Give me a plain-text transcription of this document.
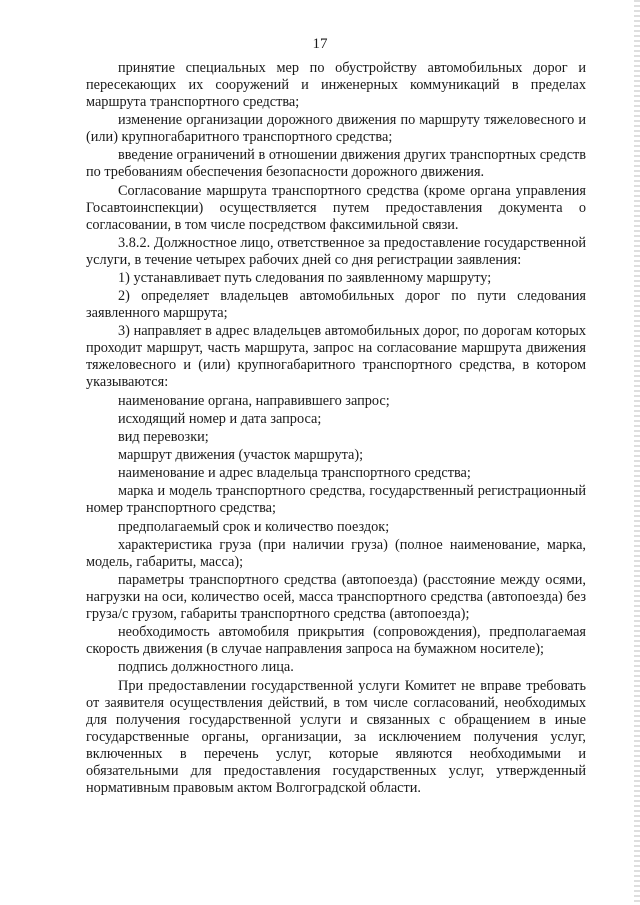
17

принятие специальных мер по обустройству автомобильных дорог и пересекающих их сооружений и инженерных коммуникаций в пределах маршрута транспортного средства;

изменение организации дорожного движения по маршруту тяжеловесного и (или) крупногабаритного транспортного средства;

введение ограничений в отношении движения других транспортных средств по требованиям обеспечения безопасности дорожного движения.

Согласование маршрута транспортного средства (кроме органа управления Госавтоинспекции) осуществляется путем предоставления документа о согласовании, в том числе посредством факсимильной связи.

3.8.2. Должностное лицо, ответственное за предоставление государственной услуги, в течение четырех рабочих дней со дня регистрации заявления:

1) устанавливает путь следования по заявленному маршруту;

2) определяет владельцев автомобильных дорог по пути следования заявленного маршрута;

3) направляет в адрес владельцев автомобильных дорог, по дорогам которых проходит маршрут, часть маршрута, запрос на согласование маршрута движения тяжеловесного и (или) крупногабаритного транспортного средства, в котором указываются:

наименование органа, направившего запрос;

исходящий номер и дата запроса;

вид перевозки;

маршрут движения (участок маршрута);

наименование и адрес владельца транспортного средства;

марка и модель транспортного средства, государственный регистрационный номер транспортного средства;

предполагаемый срок и количество поездок;

характеристика груза (при наличии груза) (полное наименование, марка, модель, габариты, масса);

параметры транспортного средства (автопоезда) (расстояние между осями, нагрузки на оси, количество осей, масса транспортного средства (автопоезда) без груза/с грузом, габариты транспортного средства (автопоезда);

необходимость автомобиля прикрытия (сопровождения), предполагаемая скорость движения (в случае направления запроса на бумажном носителе);

подпись должностного лица.

При предоставлении государственной услуги Комитет не вправе требовать от заявителя осуществления действий, в том числе согласований, необходимых для получения государственной услуги и связанных с обращением в иные государственные органы, организации, за исключением получения услуг, включенных в перечень услуг, которые являются необходимыми и обязательными для предоставления государственных услуг, утвержденный нормативным правовым актом Волгоградской области.
